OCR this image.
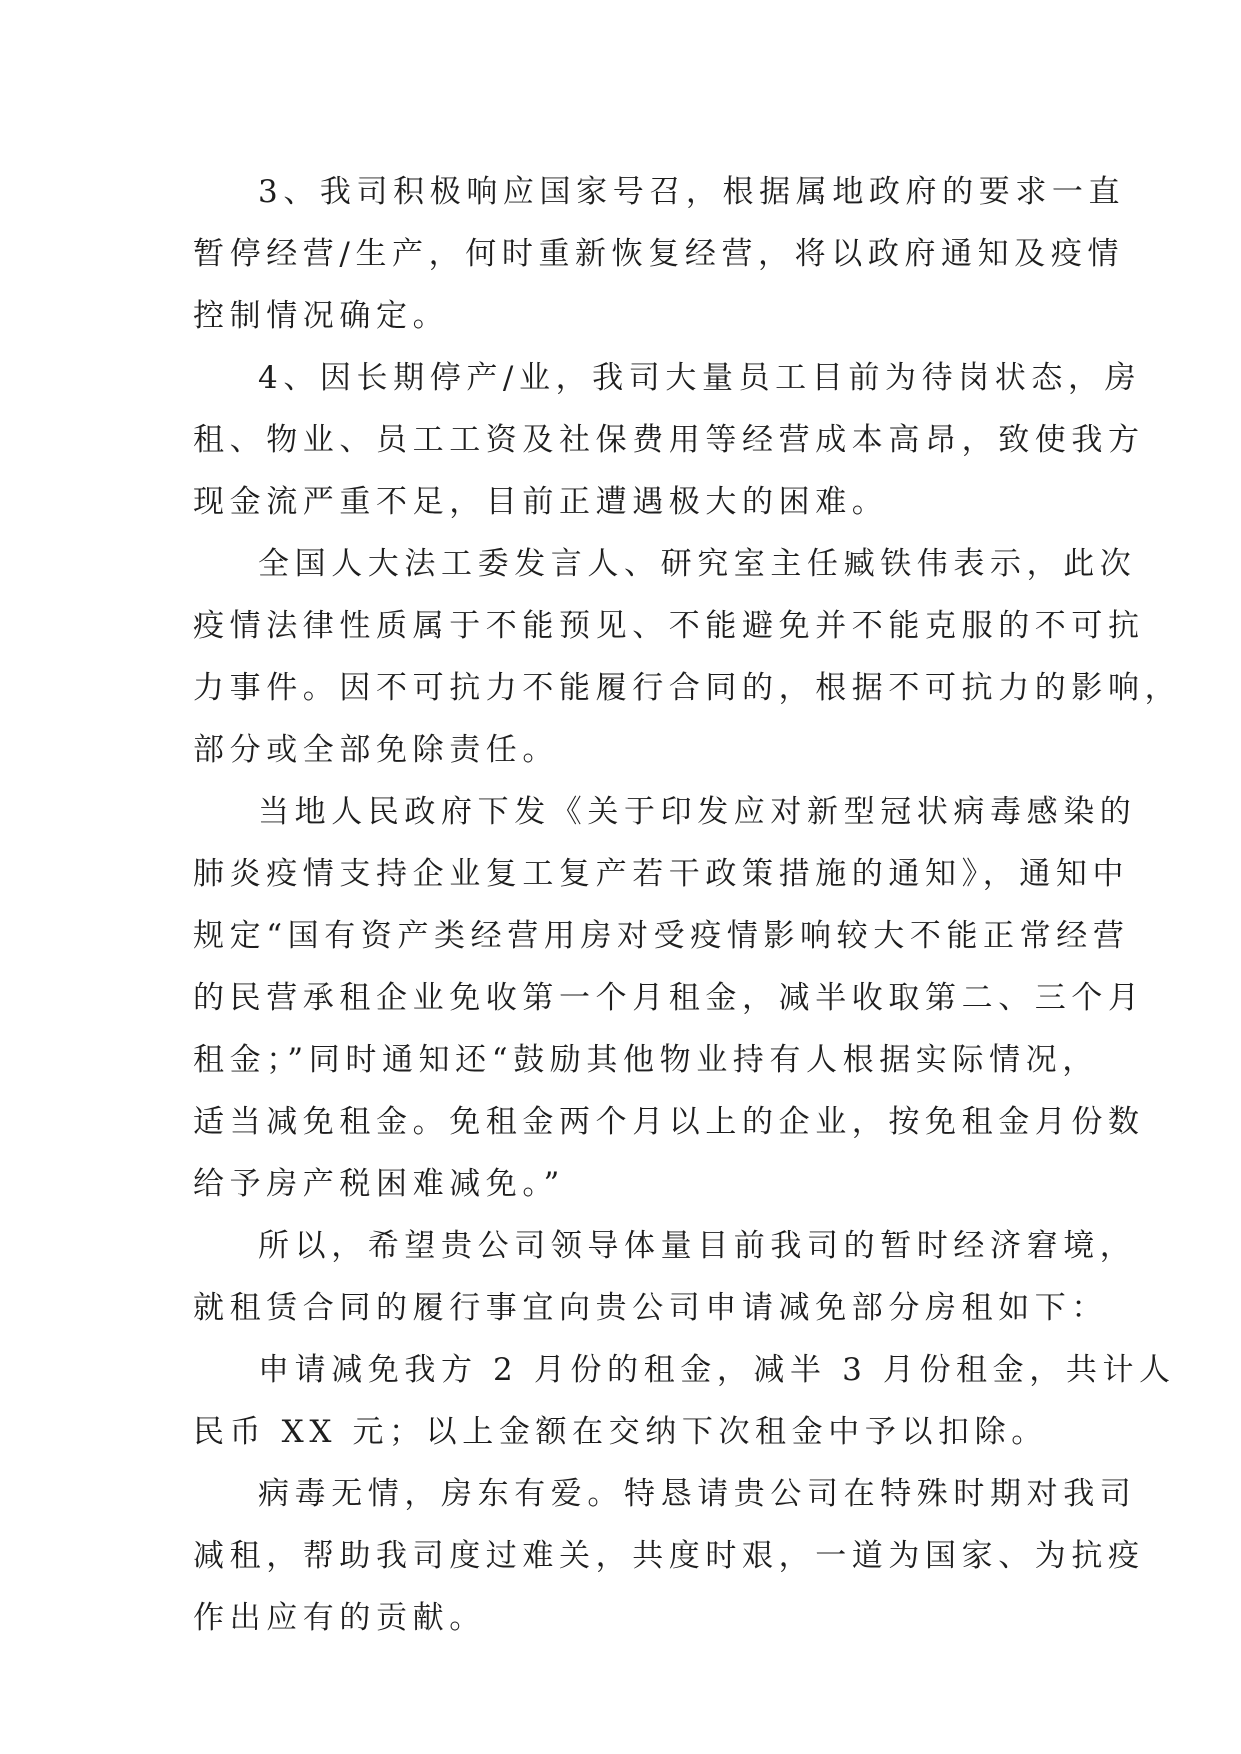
3、我司积极响应国家号召，根据属地政府的要求一直
暂停经营/生产，何时重新恢复经营，将以政府通知及疫情
控制情况确定。

4、因长期停产/业，我司大量员工目前为待岗状态，房
租、物业、员工工资及社保费用等经营成本高昂，致使我方
现金流严重不足，目前正遭遇极大的困难。

全国人大法工委发言人、研究室主任臧铁伟表示，此次
疫情法律性质属于不能预见、不能避免并不能克服的不可抗
力事件。因不可抗力不能履行合同的，根据不可抗力的影响，
部分或全部免除责任。

当地人民政府下发《关于印发应对新型冠状病毒感染的
肺炎疫情支持企业复工复产若干政策措施的通知》，通知中
规定“国有资产类经营用房对受疫情影响较大不能正常经营
的民营承租企业免收第一个月租金，减半收取第二、三个月
租金；”同时通知还“鼓励其他物业持有人根据实际情况，
适当减免租金。免租金两个月以上的企业，按免租金月份数
给予房产税困难减免。”

所以，希望贵公司领导体量目前我司的暂时经济窘境，
就租赁合同的履行事宜向贵公司申请减免部分房租如下：

申请减免我方 2 月份的租金，减半 3 月份租金，共计人
民币 XX 元；以上金额在交纳下次租金中予以扣除。

病毒无情，房东有爱。特恳请贵公司在特殊时期对我司
减租，帮助我司度过难关，共度时艰，一道为国家、为抗疫
作出应有的贡献。
